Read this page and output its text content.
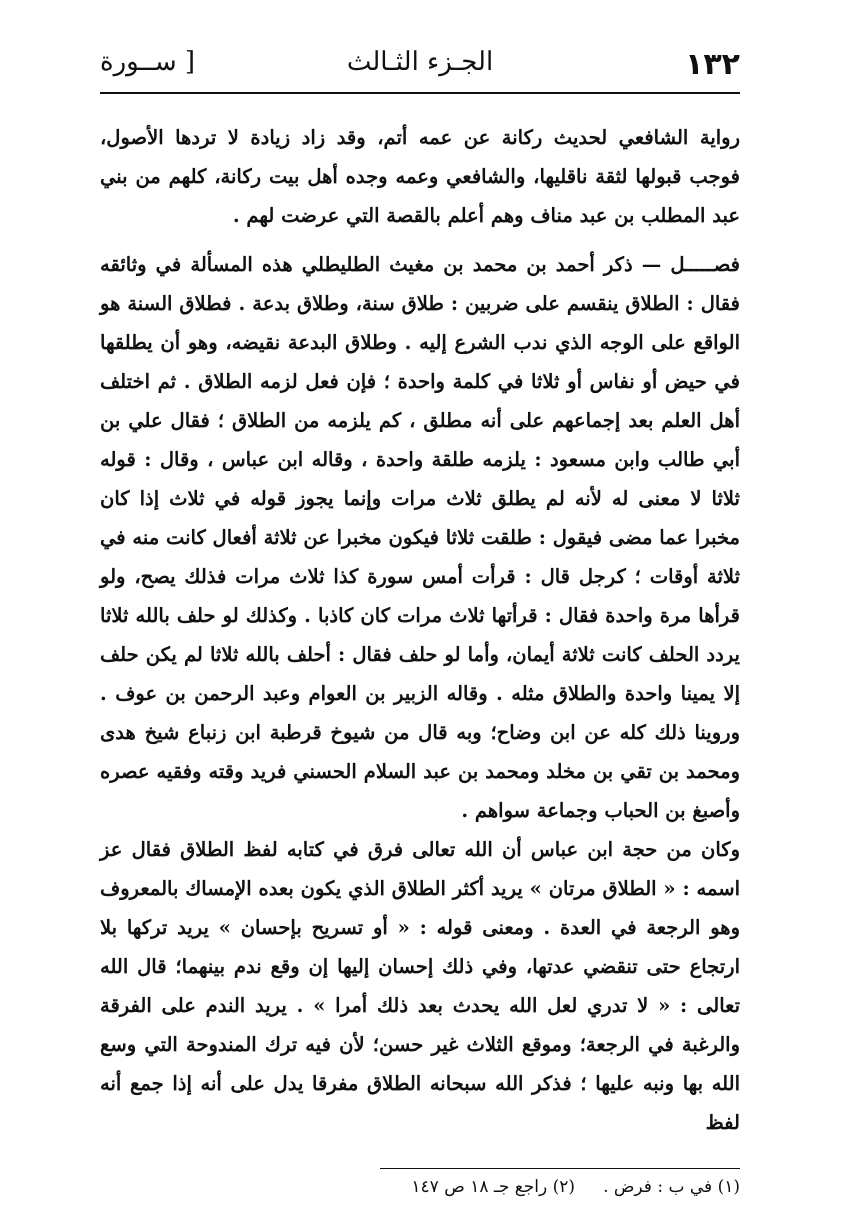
١٣٢
الجـزء الثـالث
[ ســورة

رواية الشافعي لحديث ركانة عن عمه أتم، وقد زاد زيادة لا تردها الأصول، فوجب قبولها لثقة ناقليها، والشافعي وعمه وجده أهل بيت ركانة، كلهم من بني عبد المطلب بن عبد مناف وهم أعلم بالقصة التي عرضت لهم .

فصـــــل — ذكر أحمد بن محمد بن مغيث الطليطلي هذه المسألة في وثائقه فقال : الطلاق ينقسم على ضربين : طلاق سنة، وطلاق بدعة . فطلاق السنة هو الواقع على الوجه الذي ندب الشرع إليه . وطلاق البدعة نقيضه، وهو أن يطلقها في حيض أو نفاس أو ثلاثا في كلمة واحدة ؛ فإن فعل لزمه الطلاق . ثم اختلف أهل العلم بعد إجماعهم على أنه مطلق ، كم يلزمه من الطلاق ؛ فقال علي بن أبي طالب وابن مسعود : يلزمه طلقة واحدة ، وقاله ابن عباس ، وقال : قوله ثلاثا لا معنى له لأنه لم يطلق ثلاث مرات وإنما يجوز قوله في ثلاث إذا كان مخبرا عما مضى فيقول : طلقت ثلاثا فيكون مخبرا عن ثلاثة أفعال كانت منه في ثلاثة أوقات ؛ كرجل قال : قرأت أمس سورة كذا ثلاث مرات فذلك يصح، ولو قرأها مرة واحدة فقال : قرأتها ثلاث مرات كان كاذبا . وكذلك لو حلف بالله ثلاثا يردد الحلف كانت ثلاثة أيمان، وأما لو حلف فقال : أحلف بالله ثلاثا لم يكن حلف إلا يمينا واحدة والطلاق مثله . وقاله الزبير بن العوام وعبد الرحمن بن عوف . وروينا ذلك كله عن ابن وضاح؛ وبه قال من شيوخ قرطبة ابن زنباع شيخ هدى ومحمد بن تقي بن مخلد ومحمد بن عبد السلام الحسني فريد وقته وفقيه عصره وأصبغ بن الحباب وجماعة سواهم .

وكان من حجة ابن عباس أن الله تعالى فرق في كتابه لفظ الطلاق فقال عز اسمه : « الطلاق مرتان » يريد أكثر الطلاق الذي يكون بعده الإمساك بالمعروف وهو الرجعة في العدة . ومعنى قوله : « أو تسريح بإحسان » يريد تركها بلا ارتجاع حتى تنقضي عدتها، وفي ذلك إحسان إليها إن وقع ندم بينهما؛ قال الله تعالى : « لا تدري لعل الله يحدث بعد ذلك أمرا » . يريد الندم على الفرقة والرغبة في الرجعة؛ وموقع الثلاث غير حسن؛ لأن فيه ترك المندوحة التي وسع الله بها ونبه عليها ؛ فذكر الله سبحانه الطلاق مفرقا يدل على أنه إذا جمع أنه لفظ

(١) في ب : فرض .(٢) راجع جـ ١٨ ص ١٤٧
